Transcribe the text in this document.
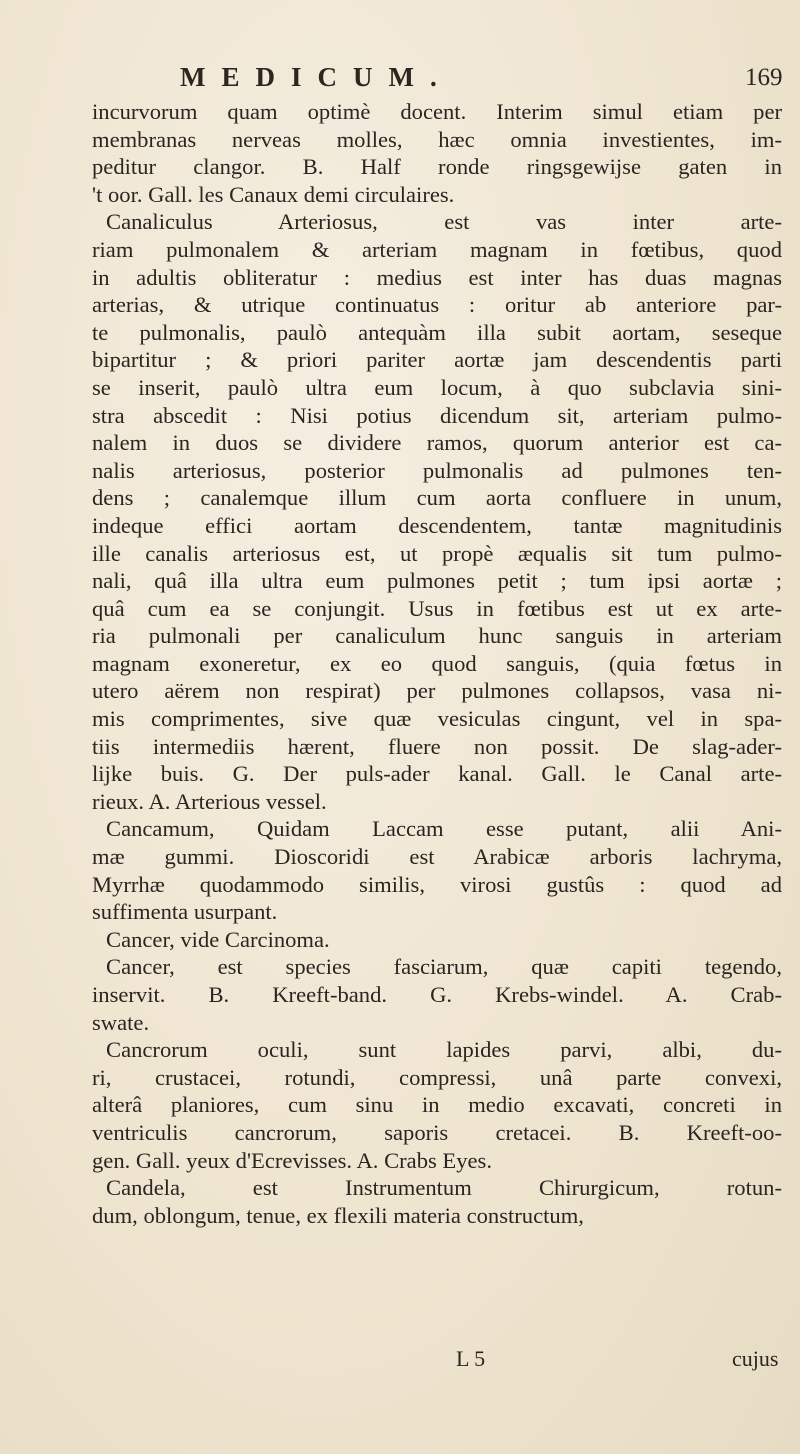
MEDICUM.	169
incurvorum quam optimè docent. Interim simul etiam per
membranas nerveas molles, hæc omnia investientes, im-
peditur clangor. B. Half ronde ringsgewijse gaten in
't oor. Gall. les Canaux demi circulaires.
Canaliculus Arteriosus, est vas inter arte-
riam pulmonalem & arteriam magnam in fœtibus, quod
in adultis obliteratur : medius est inter has duas magnas
arterias, & utrique continuatus : oritur ab anteriore par-
te pulmonalis, paulò antequàm illa subit aortam, seseque
bipartitur ; & priori pariter aortæ jam descendentis parti
se inserit, paulò ultra eum locum, à quo subclavia sini-
stra abscedit : Nisi potius dicendum sit, arteriam pulmo-
nalem in duos se dividere ramos, quorum anterior est ca-
nalis arteriosus, posterior pulmonalis ad pulmones ten-
dens ; canalemque illum cum aorta confluere in unum,
indeque effici aortam descendentem, tantæ magnitudinis
ille canalis arteriosus est, ut propè æqualis sit tum pulmo-
nali, quâ illa ultra eum pulmones petit ; tum ipsi aortæ ;
quâ cum ea se conjungit. Usus in fœtibus est ut ex arte-
ria pulmonali per canaliculum hunc sanguis in arteriam
magnam exoneretur, ex eo quod sanguis, (quia fœtus in
utero aërem non respirat) per pulmones collapsos, vasa ni-
mis comprimentes, sive quæ vesiculas cingunt, vel in spa-
tiis intermediis hærent, fluere non possit. De slag-ader-
lijke buis. G. Der puls-ader kanal. Gall. le Canal arte-
rieux. A. Arterious vessel.
Cancamum, Quidam Laccam esse putant, alii Ani-
mæ gummi. Dioscoridi est Arabicæ arboris lachryma,
Myrrhæ quodammodo similis, virosi gustûs : quod ad
suffimenta usurpant.
Cancer, vide Carcinoma.
Cancer, est species fasciarum, quæ capiti tegendo,
inservit. B. Kreeft-band. G. Krebs-windel. A. Crab-
swate.
Cancrorum oculi, sunt lapides parvi, albi, du-
ri, crustacei, rotundi, compressi, unâ parte convexi,
alterâ planiores, cum sinu in medio excavati, concreti in
ventriculis cancrorum, saporis cretacei. B. Kreeft-oo-
gen. Gall. yeux d'Ecrevisses. A. Crabs Eyes.
Candela, est Instrumentum Chirurgicum, rotun-
dum, oblongum, tenue, ex flexili materia constructum,
L 5	cujus
